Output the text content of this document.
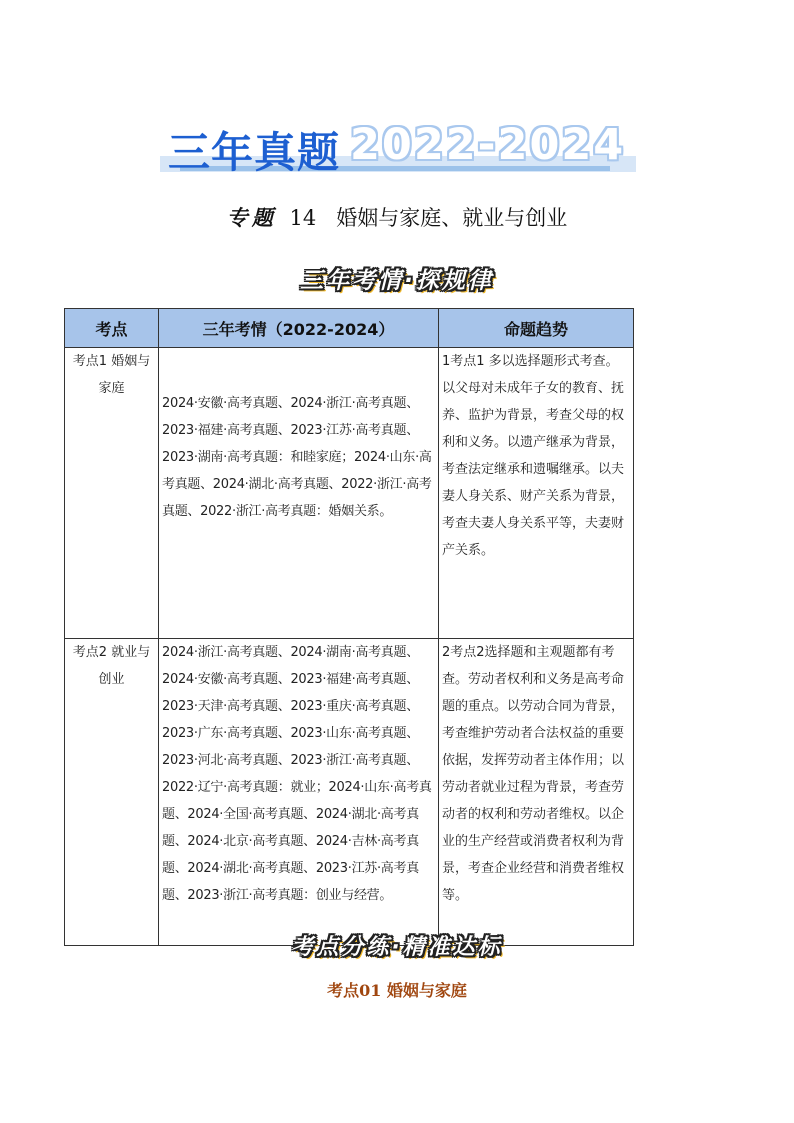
三年真题 2022-2024
专题 14 婚姻与家庭、就业与创业
三年考情·探规律
考点	三年考情（2022-2024）	命题趋势
考点1 婚姻与家庭	2024·安徽·高考真题、2024·浙江·高考真题、2023·福建·高考真题、2023·江苏·高考真题、2023·湖南·高考真题：和睦家庭；2024·山东·高考真题、2024·湖北·高考真题、2022·浙江·高考真题、2022·浙江·高考真题：婚姻关系。	1考点1 多以选择题形式考查。以父母对未成年子女的教育、抚养、监护为背景，考查父母的权利和义务。以遗产继承为背景，考查法定继承和遗嘱继承。以夫妻人身关系、财产关系为背景，考查夫妻人身关系平等，夫妻财产关系。
考点2 就业与创业	2024·浙江·高考真题、2024·湖南·高考真题、2024·安徽·高考真题、2023·福建·高考真题、2023·天津·高考真题、2023·重庆·高考真题、2023·广东·高考真题、2023·山东·高考真题、2023·河北·高考真题、2023·浙江·高考真题、2022·辽宁·高考真题：就业；2024·山东·高考真题、2024·全国·高考真题、2024·湖北·高考真题、2024·北京·高考真题、2024·吉林·高考真题、2024·湖北·高考真题、2023·江苏·高考真题、2023·浙江·高考真题：创业与经营。	2考点2选择题和主观题都有考查。劳动者权利和义务是高考命题的重点。以劳动合同为背景，考查维护劳动者合法权益的重要依据，发挥劳动者主体作用；以劳动者就业过程为背景，考查劳动者的权利和劳动者维权。以企业的生产经营或消费者权利为背景，考查企业经营和消费者维权等。
考点分练·精准达标
考点01 婚姻与家庭
